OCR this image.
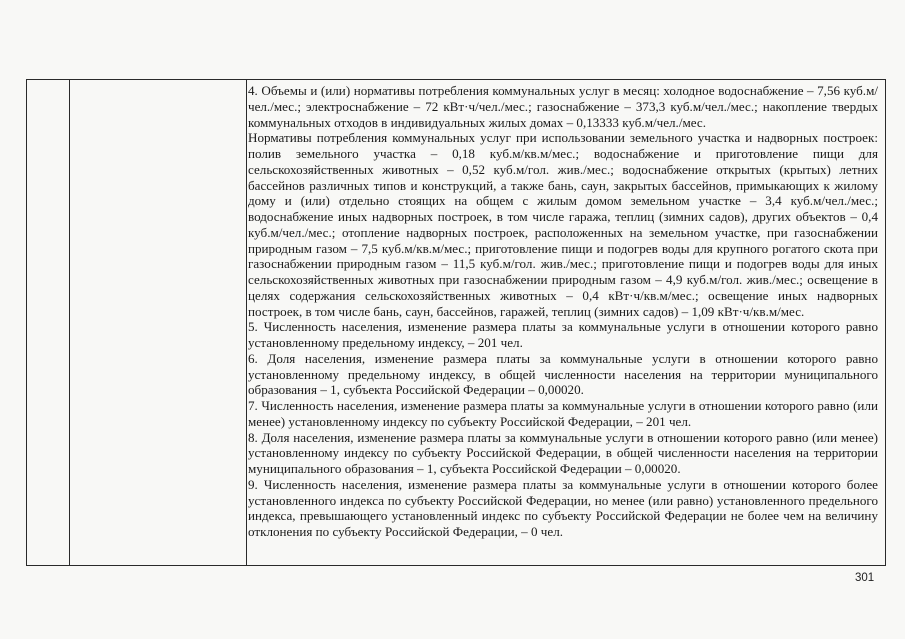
4. Объемы и (или) нормативы потребления коммунальных услуг в месяц: холодное водоснабжение – 7,56 куб.м/чел./мес.; электроснабжение – 72 кВт·ч/чел./мес.; газоснабжение – 373,3 куб.м/чел./мес.; накопление твердых коммунальных отходов в индивидуальных жилых домах – 0,13333 куб.м/чел./мес.

Нормативы потребления коммунальных услуг при использовании земельного участка и надворных построек: полив земельного участка – 0,18 куб.м/кв.м/мес.; водоснабжение и приготовление пищи для сельскохозяйственных животных – 0,52 куб.м/гол. жив./мес.; водоснабжение открытых (крытых) летних бассейнов различных типов и конструкций, а также бань, саун, закрытых бассейнов, примыкающих к жилому дому и (или) отдельно стоящих на общем с жилым домом земельном участке – 3,4 куб.м/чел./мес.; водоснабжение иных надворных построек, в том числе гаража, теплиц (зимних садов), других объектов – 0,4 куб.м/чел./мес.; отопление надворных построек, расположенных на земельном участке, при газоснабжении природным газом – 7,5 куб.м/кв.м/мес.; приготовление пищи и подогрев воды для крупного рогатого скота при газоснабжении природным газом – 11,5 куб.м/гол. жив./мес.; приготовление пищи и подогрев воды для иных сельскохозяйственных животных при газоснабжении природным газом – 4,9 куб.м/гол. жив./мес.; освещение в целях содержания сельскохозяйственных животных – 0,4 кВт·ч/кв.м/мес.; освещение иных надворных построек, в том числе бань, саун, бассейнов, гаражей, теплиц (зимних садов) – 1,09 кВт·ч/кв.м/мес.

5. Численность населения, изменение размера платы за коммунальные услуги в отношении которого равно установленному предельному индексу, – 201 чел.

6. Доля населения, изменение размера платы за коммунальные услуги в отношении которого равно установленному предельному индексу, в общей численности населения на территории муниципального образования – 1, субъекта Российской Федерации – 0,00020.

7. Численность населения, изменение размера платы за коммунальные услуги в отношении которого равно (или менее) установленному индексу по субъекту Российской Федерации, – 201 чел.

8. Доля населения, изменение размера платы за коммунальные услуги в отношении которого равно (или менее) установленному индексу по субъекту Российской Федерации, в общей численности населения на территории муниципального образования – 1, субъекта Российской Федерации – 0,00020.

9. Численность населения, изменение размера платы за коммунальные услуги в отношении которого более установленного индекса по субъекту Российской Федерации, но менее (или равно) установленного предельного индекса, превышающего установленный индекс по субъекту Российской Федерации не более чем на величину отклонения по субъекту Российской Федерации, – 0 чел.

301
